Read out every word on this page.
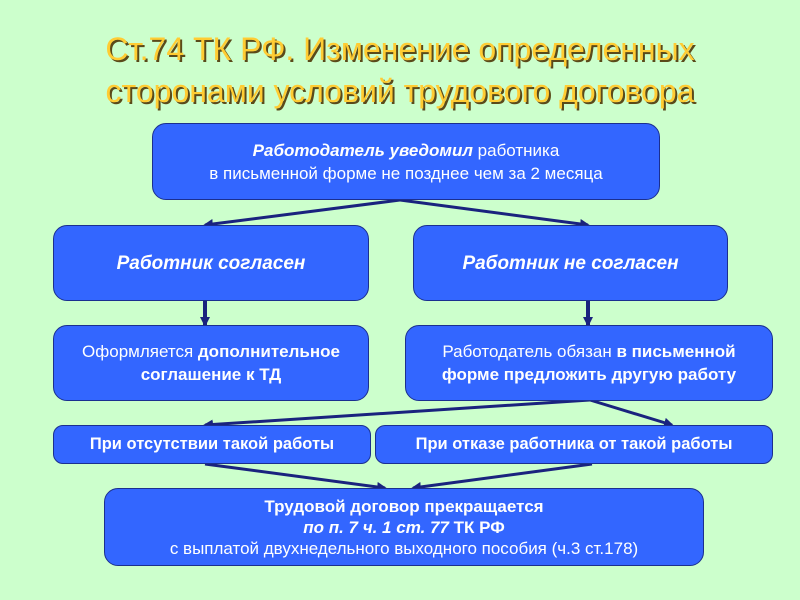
Ст.74 ТК РФ. Изменение определенных
сторонами условий трудового договора
Работодатель уведомил работника
в письменной форме не позднее чем за 2 месяца
Работник согласен	Работник не согласен
Оформляется дополнительное
соглашение к ТД
Работодатель обязан в письменной
форме предложить другую работу
При отсутствии такой работы	При отказе работника от такой работы
Трудовой договор прекращается
по п. 7 ч. 1 ст. 77 ТК РФ
с выплатой двухнедельного выходного пособия (ч.3 ст.178)
